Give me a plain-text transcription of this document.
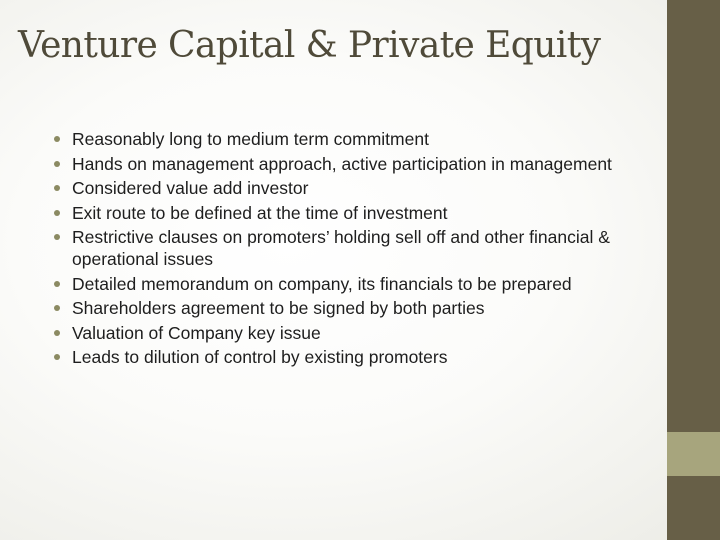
Venture Capital & Private Equity
Reasonably long to medium term commitment
Hands on management approach, active participation in management
Considered value add investor
Exit route to be defined at the time of investment
Restrictive clauses on promoters’ holding sell off and other financial & operational issues
Detailed memorandum on company, its financials to be prepared
Shareholders agreement to be signed by both parties
Valuation of Company key issue
Leads to dilution of control by existing promoters
